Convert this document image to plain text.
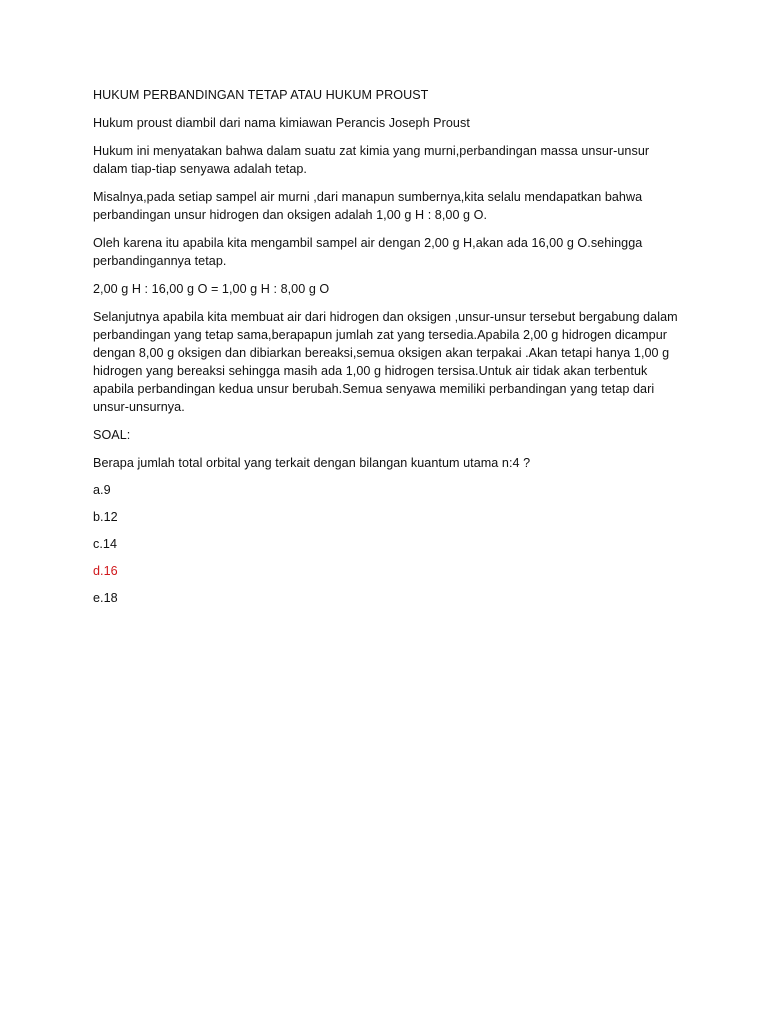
HUKUM PERBANDINGAN TETAP ATAU HUKUM PROUST

Hukum proust diambil dari nama kimiawan Perancis Joseph Proust

Hukum ini menyatakan bahwa dalam suatu zat kimia yang murni,perbandingan massa unsur-unsur dalam tiap-tiap senyawa adalah tetap.

Misalnya,pada setiap sampel air murni ,dari manapun sumbernya,kita selalu mendapatkan bahwa perbandingan unsur hidrogen dan oksigen adalah 1,00 g H : 8,00 g O.

Oleh karena itu apabila kita mengambil sampel air dengan 2,00 g H,akan ada 16,00 g O.sehingga perbandingannya tetap.

2,00 g H : 16,00 g O = 1,00 g H : 8,00 g O

Selanjutnya apabila kita membuat air dari hidrogen dan oksigen ,unsur-unsur tersebut bergabung dalam perbandingan yang tetap sama,berapapun jumlah zat yang tersedia.Apabila 2,00 g hidrogen dicampur dengan 8,00 g oksigen dan dibiarkan bereaksi,semua oksigen akan terpakai .Akan tetapi hanya 1,00 g hidrogen yang bereaksi sehingga masih ada 1,00 g hidrogen tersisa.Untuk air tidak akan terbentuk apabila perbandingan kedua unsur berubah.Semua senyawa memiliki perbandingan yang tetap dari unsur-unsurnya.

SOAL:

Berapa jumlah total orbital yang terkait dengan bilangan kuantum utama n:4 ?

a.9

b.12

c.14

d.16

e.18
